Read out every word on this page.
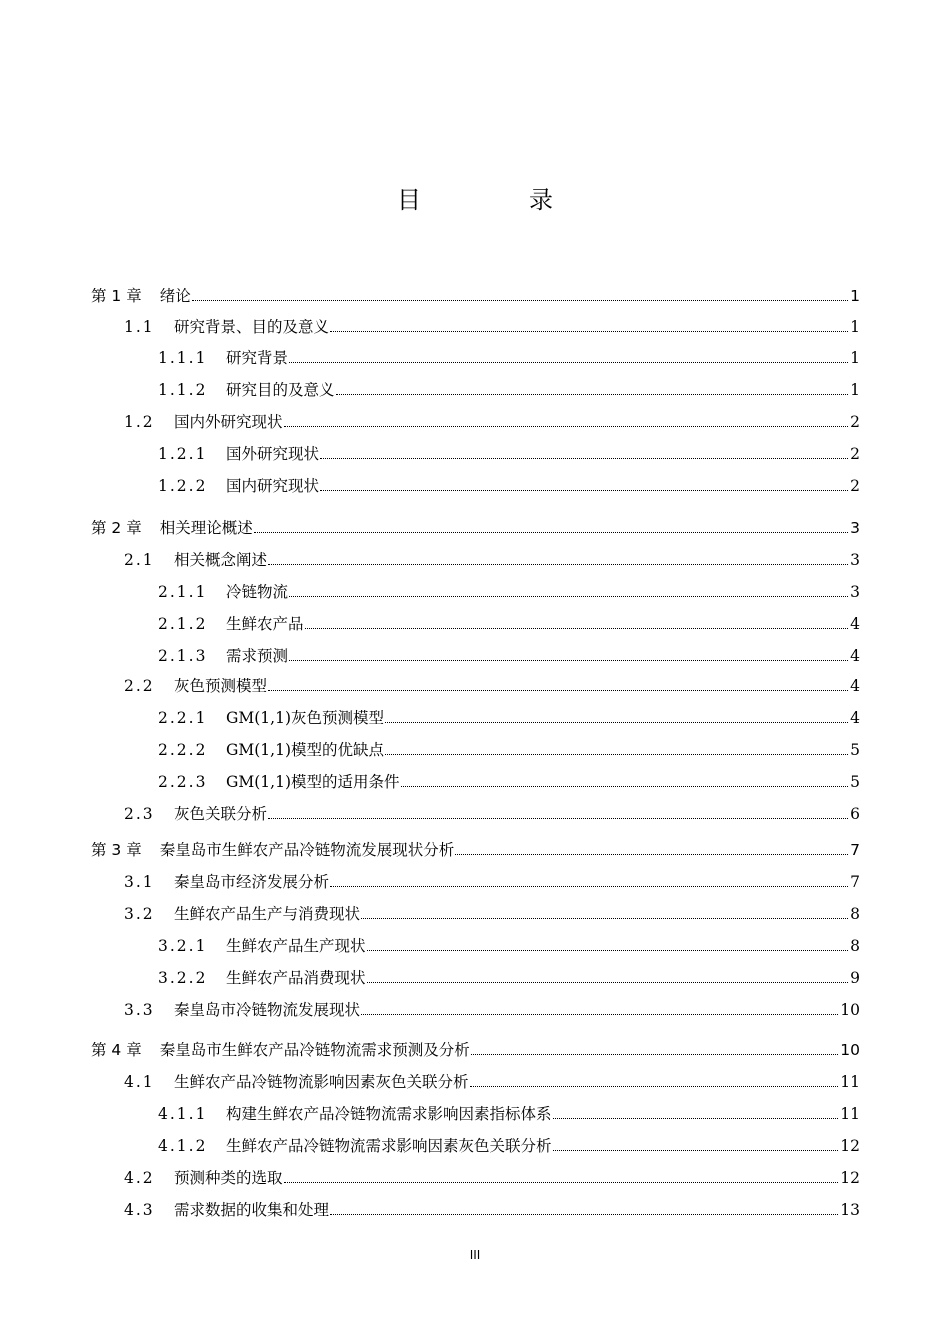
目　录
第 1 章 绪论	1
1.1	研究背景、目的及意义	1
1.1.1	研究背景	1
1.1.2	研究目的及意义	1
1.2	国内外研究现状	2
1.2.1	国外研究现状	2
1.2.2	国内研究现状	2
第 2 章 相关理论概述	3
2.1	相关概念阐述	3
2.1.1	冷链物流	3
2.1.2	生鲜农产品	4
2.1.3	需求预测	4
2.2	灰色预测模型	4
2.2.1	GM(1,1)灰色预测模型	4
2.2.2	GM(1,1)模型的优缺点	5
2.2.3	GM(1,1)模型的适用条件	5
2.3	灰色关联分析	6
第 3 章 秦皇岛市生鲜农产品冷链物流发展现状分析	7
3.1	秦皇岛市经济发展分析	7
3.2	生鲜农产品生产与消费现状	8
3.2.1	生鲜农产品生产现状	8
3.2.2	生鲜农产品消费现状	9
3.3	秦皇岛市冷链物流发展现状	10
第 4 章 秦皇岛市生鲜农产品冷链物流需求预测及分析	10
4.1	生鲜农产品冷链物流影响因素灰色关联分析	11
4.1.1	构建生鲜农产品冷链物流需求影响因素指标体系	11
4.1.2	生鲜农产品冷链物流需求影响因素灰色关联分析	12
4.2	预测种类的选取	12
4.3	需求数据的收集和处理	13
III
